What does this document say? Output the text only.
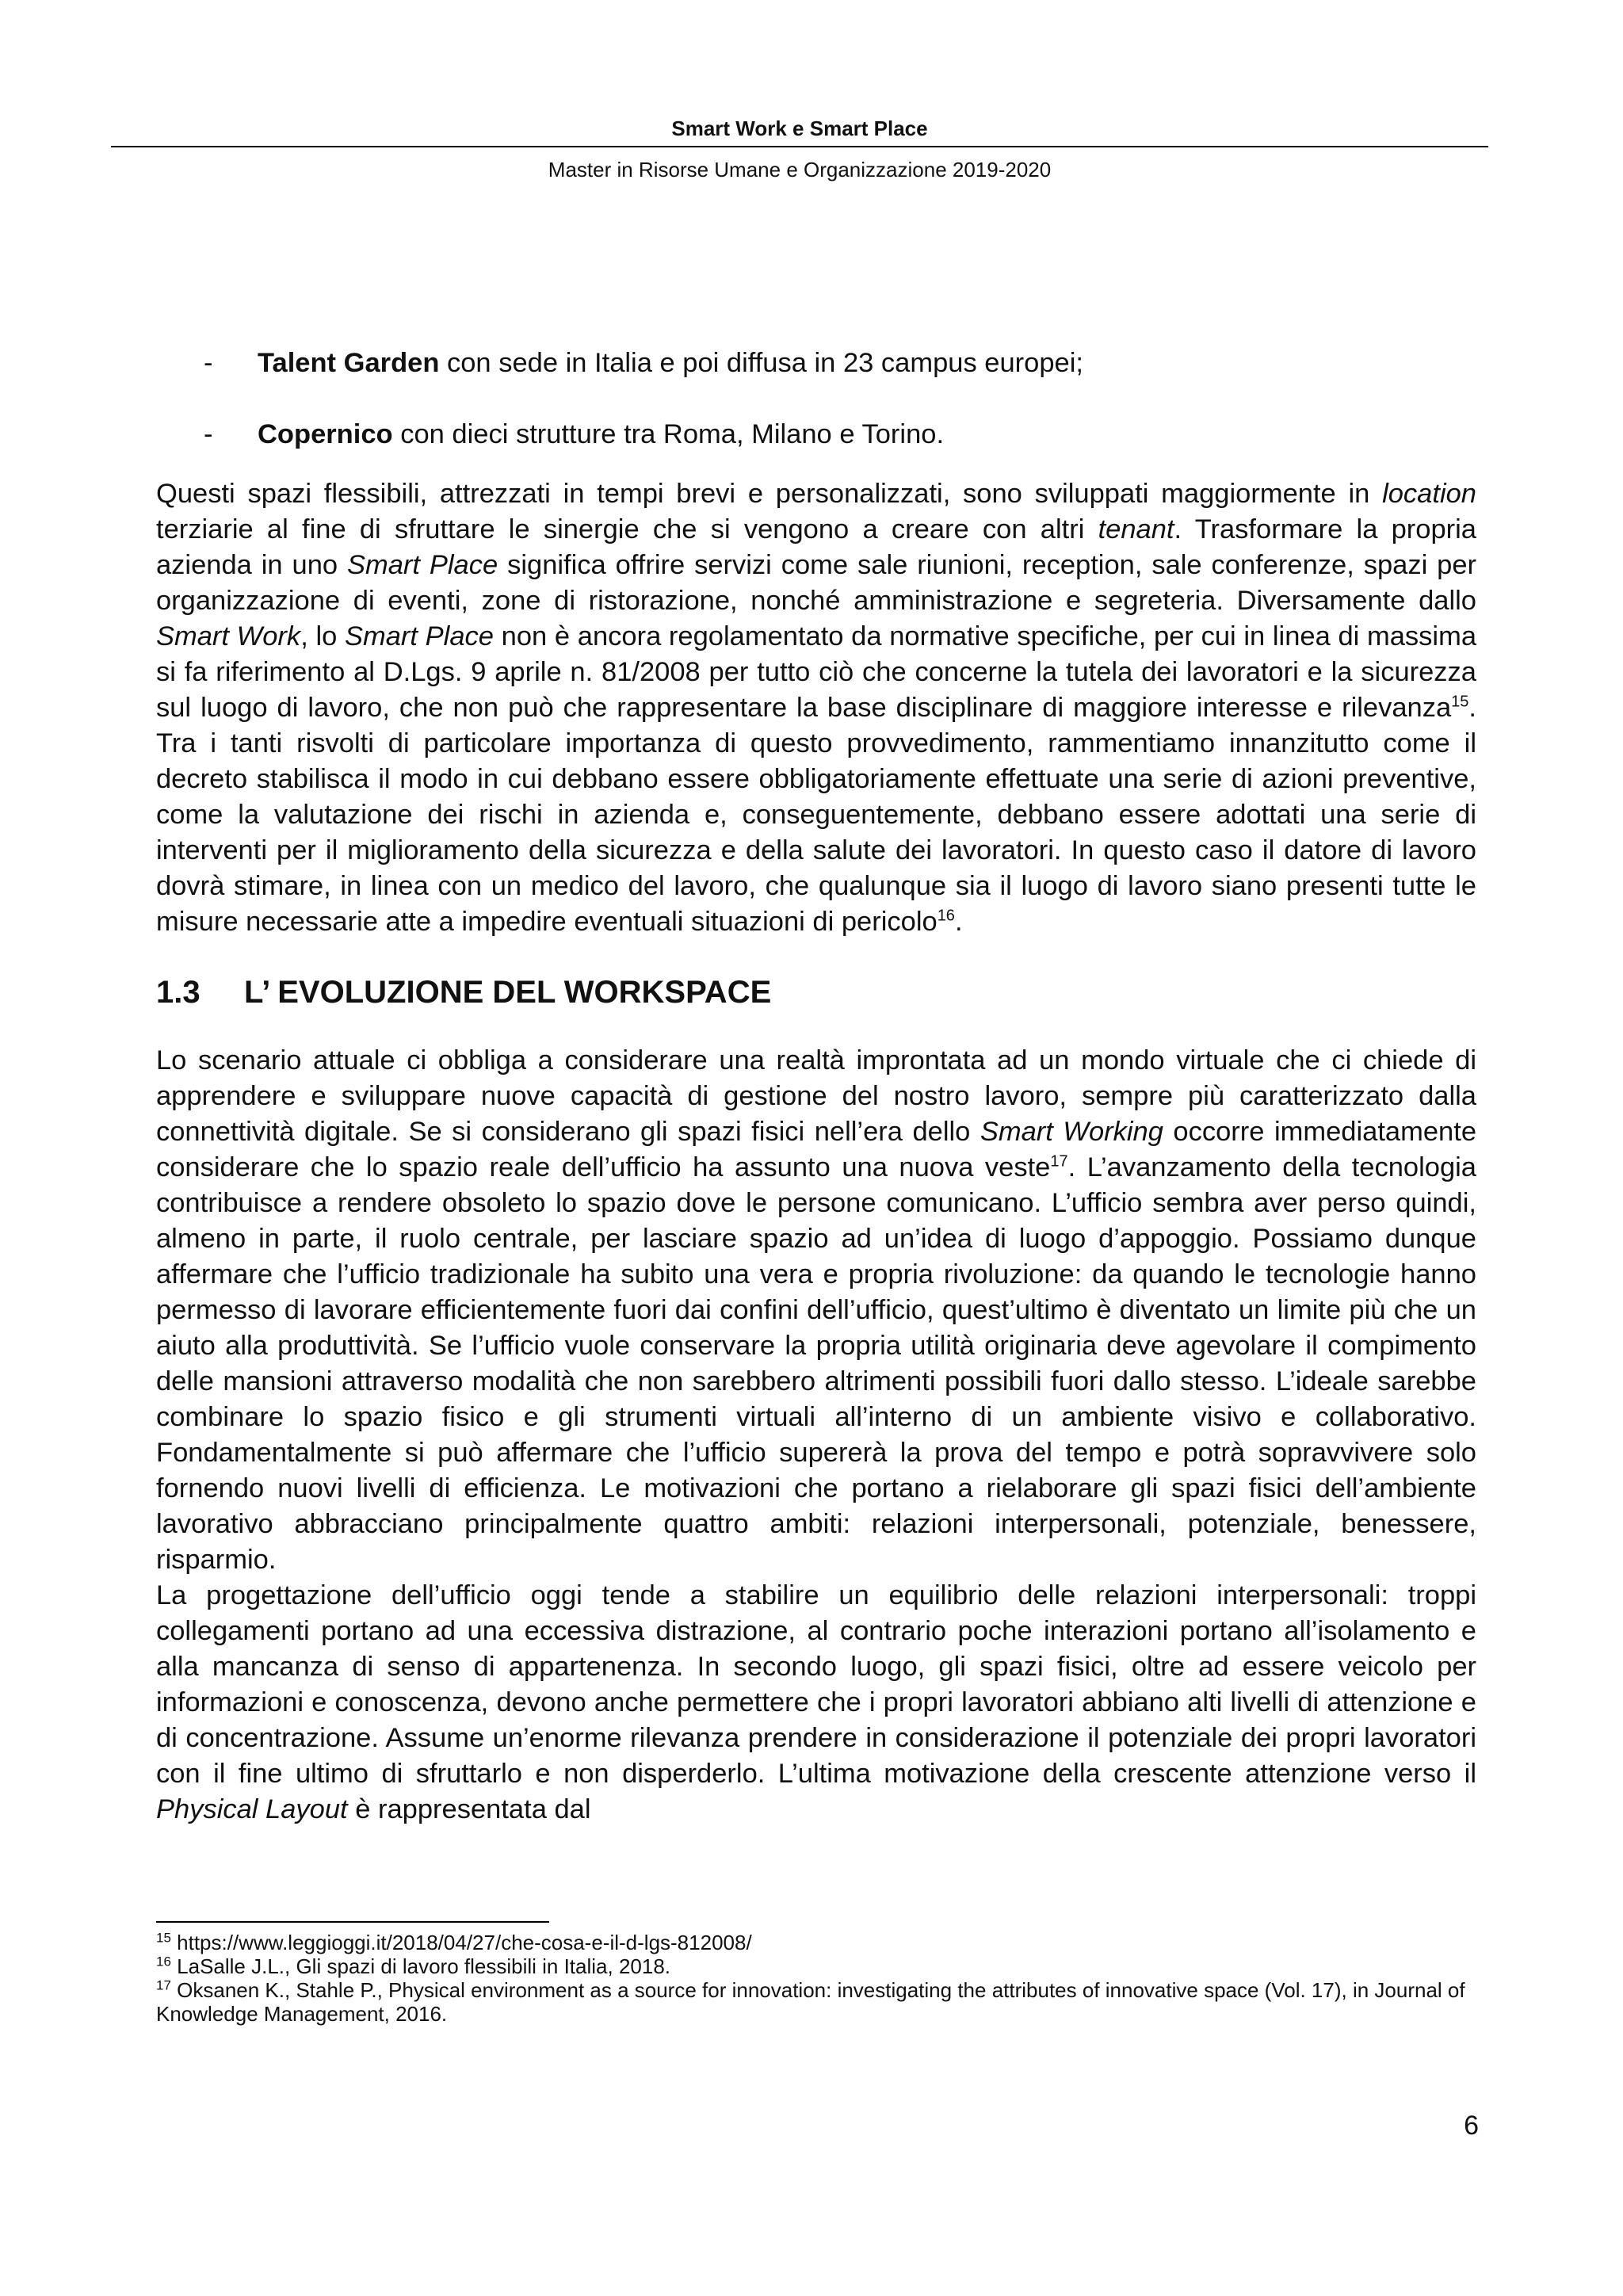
Smart Work e Smart Place
Master in Risorse Umane e Organizzazione 2019-2020
- Talent Garden con sede in Italia e poi diffusa in 23 campus europei;
- Copernico con dieci strutture tra Roma, Milano e Torino.

Questi spazi flessibili, attrezzati in tempi brevi e personalizzati, sono sviluppati maggiormente in location terziarie al fine di sfruttare le sinergie che si vengono a creare con altri tenant. Trasformare la propria azienda in uno Smart Place significa offrire servizi come sale riunioni, reception, sale conferenze, spazi per organizzazione di eventi, zone di ristorazione, nonché amministrazione e segreteria. Diversamente dallo Smart Work, lo Smart Place non è ancora regolamentato da normative specifiche, per cui in linea di massima si fa riferimento al D.Lgs. 9 aprile n. 81/2008 per tutto ciò che concerne la tutela dei lavoratori e la sicurezza sul luogo di lavoro, che non può che rappresentare la base disciplinare di maggiore interesse e rilevanza$^{15}$. Tra i tanti risvolti di particolare importanza di questo provvedimento, rammentiamo innanzitutto come il decreto stabilisca il modo in cui debbano essere obbligatoriamente effettuate una serie di azioni preventive, come la valutazione dei rischi in azienda e, conseguentemente, debbano essere adottati una serie di interventi per il miglioramento della sicurezza e della salute dei lavoratori. In questo caso il datore di lavoro dovrà stimare, in linea con un medico del lavoro, che qualunque sia il luogo di lavoro siano presenti tutte le misure necessarie atte a impedire eventuali situazioni di pericolo$^{16}$.

1.3 L’ EVOLUZIONE DEL WORKSPACE

Lo scenario attuale ci obbliga a considerare una realtà improntata ad un mondo virtuale che ci chiede di apprendere e sviluppare nuove capacità di gestione del nostro lavoro, sempre più caratterizzato dalla connettività digitale. Se si considerano gli spazi fisici nell’era dello Smart Working occorre immediatamente considerare che lo spazio reale dell’ufficio ha assunto una nuova veste$^{17}$. L’avanzamento della tecnologia contribuisce a rendere obsoleto lo spazio dove le persone comunicano. L’ufficio sembra aver perso quindi, almeno in parte, il ruolo centrale, per lasciare spazio ad un’idea di luogo d’appoggio. Possiamo dunque affermare che l’ufficio tradizionale ha subito una vera e propria rivoluzione: da quando le tecnologie hanno permesso di lavorare efficientemente fuori dai confini dell’ufficio, quest’ultimo è diventato un limite più che un aiuto alla produttività. Se l’ufficio vuole conservare la propria utilità originaria deve agevolare il compimento delle mansioni attraverso modalità che non sarebbero altrimenti possibili fuori dallo stesso. L’ideale sarebbe combinare lo spazio fisico e gli strumenti virtuali all’interno di un ambiente visivo e collaborativo. Fondamentalmente si può affermare che l’ufficio supererà la prova del tempo e potrà sopravvivere solo fornendo nuovi livelli di efficienza. Le motivazioni che portano a rielaborare gli spazi fisici dell’ambiente lavorativo abbracciano principalmente quattro ambiti: relazioni interpersonali, potenziale, benessere, risparmio.

La progettazione dell’ufficio oggi tende a stabilire un equilibrio delle relazioni interpersonali: troppi collegamenti portano ad una eccessiva distrazione, al contrario poche interazioni portano all’isolamento e alla mancanza di senso di appartenenza. In secondo luogo, gli spazi fisici, oltre ad essere veicolo per informazioni e conoscenza, devono anche permettere che i propri lavoratori abbiano alti livelli di attenzione e di concentrazione. Assume un’enorme rilevanza prendere in considerazione il potenziale dei propri lavoratori con il fine ultimo di sfruttarlo e non disperderlo. L’ultima motivazione della crescente attenzione verso il Physical Layout è rappresentata dal

$^{15}$ https://www.leggioggi.it/2018/04/27/che-cosa-e-il-d-lgs-812008/

$^{16}$ LaSalle J.L., Gli spazi di lavoro flessibili in Italia, 2018.

$^{17}$ Oksanen K., Stahle P., Physical environment as a source for innovation: investigating the attributes of innovative space (Vol. 17), in Journal of Knowledge Management, 2016.

6
